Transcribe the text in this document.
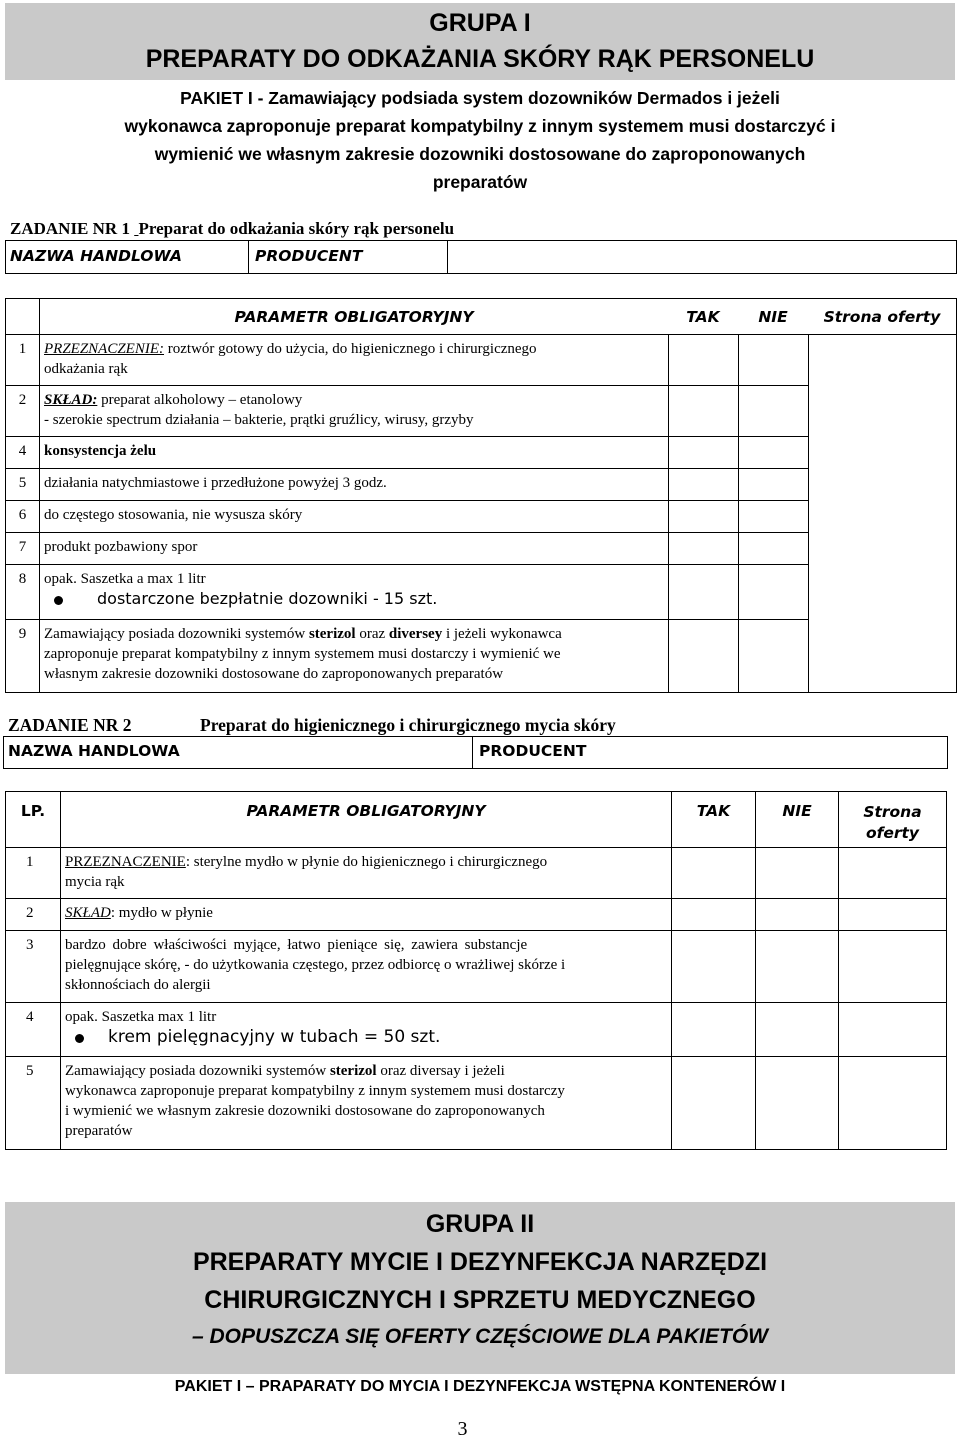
GRUPA I
PREPARATY DO ODKAŻANIA SKÓRY RĄK PERSONELU
PAKIET I - Zamawiający podsiada system dozowników Dermados i jeżeli
wykonawca zaproponuje preparat kompatybilny z innym systemem musi dostarczyć i
wymienić we własnym zakresie dozowniki dostosowane do zaproponowanych
preparatów
ZADANIE NR 1  Preparat do odkażania skóry rąk personelu
NAZWA HANDLOWA	PRODUCENT	
	PARAMETR OBLIGATORYJNY	TAK	NIE	Strona oferty
1	PRZEZNACZENIE: roztwór gotowy do użycia, do higienicznego i chirurgicznego
odkażania rąk			
2	SKŁAD: preparat alkoholowy – etanolowy
- szerokie spectrum działania – bakterie, prątki gruźlicy, wirusy, grzyby			
4	konsystencja żelu			
5	działania natychmiastowe i przedłużone powyżej 3 godz.			
6	do częstego stosowania, nie wysusza skóry			
7	produkt pozbawiony spor			
8	opak. Saszetka a max 1 litr
dostarczone bezpłatnie dozowniki - 15 szt.			
9	Zamawiający posiada dozowniki systemów sterizol oraz diversey i jeżeli wykonawca
zaproponuje preparat kompatybilny z innym systemem musi dostarczy i wymienić we
własnym zakresie dozowniki dostosowane do zaproponowanych preparatów			
ZADANIE NR 2	Preparat do higienicznego i chirurgicznego mycia skóry
NAZWA HANDLOWA	PRODUCENT
LP.	PARAMETR OBLIGATORYJNY	TAK	NIE	Strona
oferty
1	PRZEZNACZENIE: sterylne mydło w płynie do higienicznego i chirurgicznego
mycia rąk			
2	SKŁAD: mydło w płynie			
3	bardzo dobre właściwości myjące, łatwo pieniące się, zawiera substancje
pielęgnujące skórę, - do użytkowania częstego, przez odbiorcę o wrażliwej skórze i
skłonnościach do alergii			
4	opak. Saszetka max 1 litr
krem pielęgnacyjny w tubach = 50 szt.			
5	Zamawiający posiada dozowniki systemów sterizol oraz diversay i jeżeli
wykonawca zaproponuje preparat kompatybilny z innym systemem musi dostarczy
i wymienić we własnym zakresie dozowniki dostosowane do zaproponowanych
preparatów			
GRUPA II
PREPARATY MYCIE I DEZYNFEKCJA NARZĘDZI
CHIRURGICZNYCH I SPRZETU MEDYCZNEGO
– DOPUSZCZA SIĘ OFERTY CZĘŚCIOWE DLA PAKIETÓW
PAKIET I – PRAPARATY DO MYCIA I DEZYNFEKCJA WSTĘPNA KONTENERÓW I
3
